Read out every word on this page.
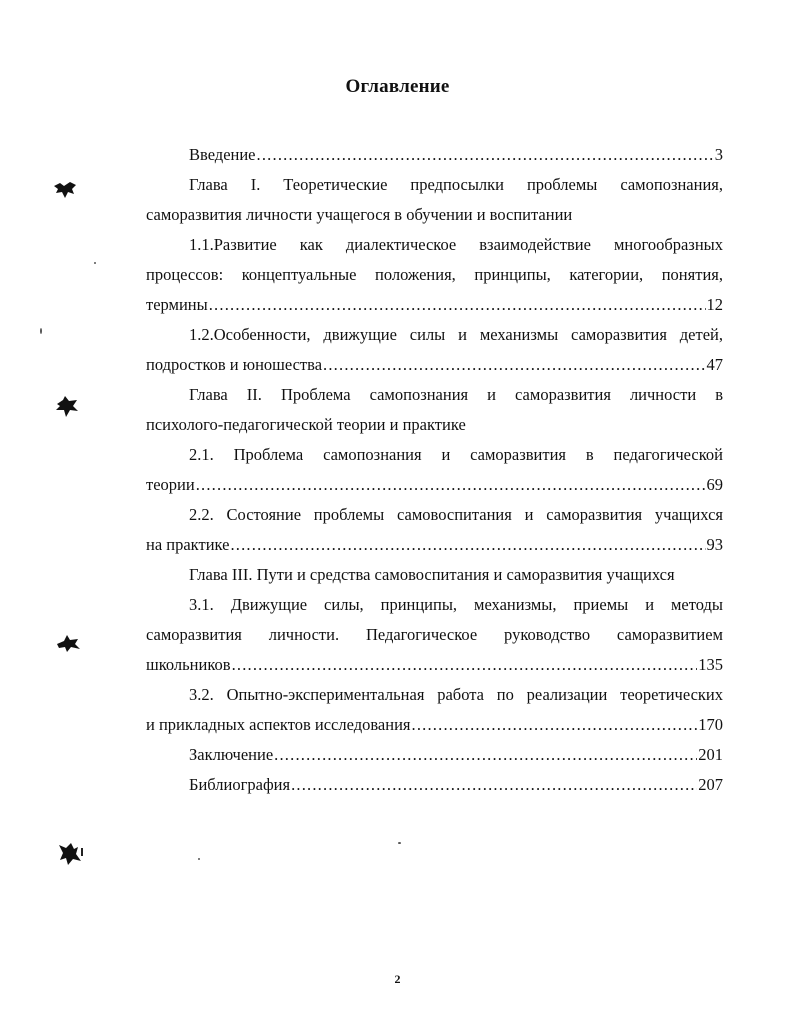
Оглавление
Введение .....	3
Глава I. Теоретические предпосылки проблемы самопознания,
саморазвития личности учащегося в обучении и воспитании
1.1.Развитие как диалектическое взаимодействие многообразных
процессов: концептуальные положения, принципы, категории, понятия,
термины .....	12
1.2.Особенности, движущие силы и механизмы саморазвития детей,
подростков и юношества .....	47
Глава II. Проблема самопознания и саморазвития личности в
психолого-педагогической теории и практике
2.1. Проблема самопознания и саморазвития в педагогической
теории .....	69
2.2. Состояние проблемы самовоспитания и саморазвития учащихся
на практике .....	93
Глава III. Пути и средства самовоспитания и саморазвития учащихся
3.1. Движущие силы, принципы, механизмы, приемы и методы
саморазвития личности. Педагогическое руководство саморазвитием
школьников .....	135
3.2. Опытно-экспериментальная работа по реализации теоретических
и прикладных аспектов исследования .....	170
Заключение .....	201
Библиография .....	207
2
